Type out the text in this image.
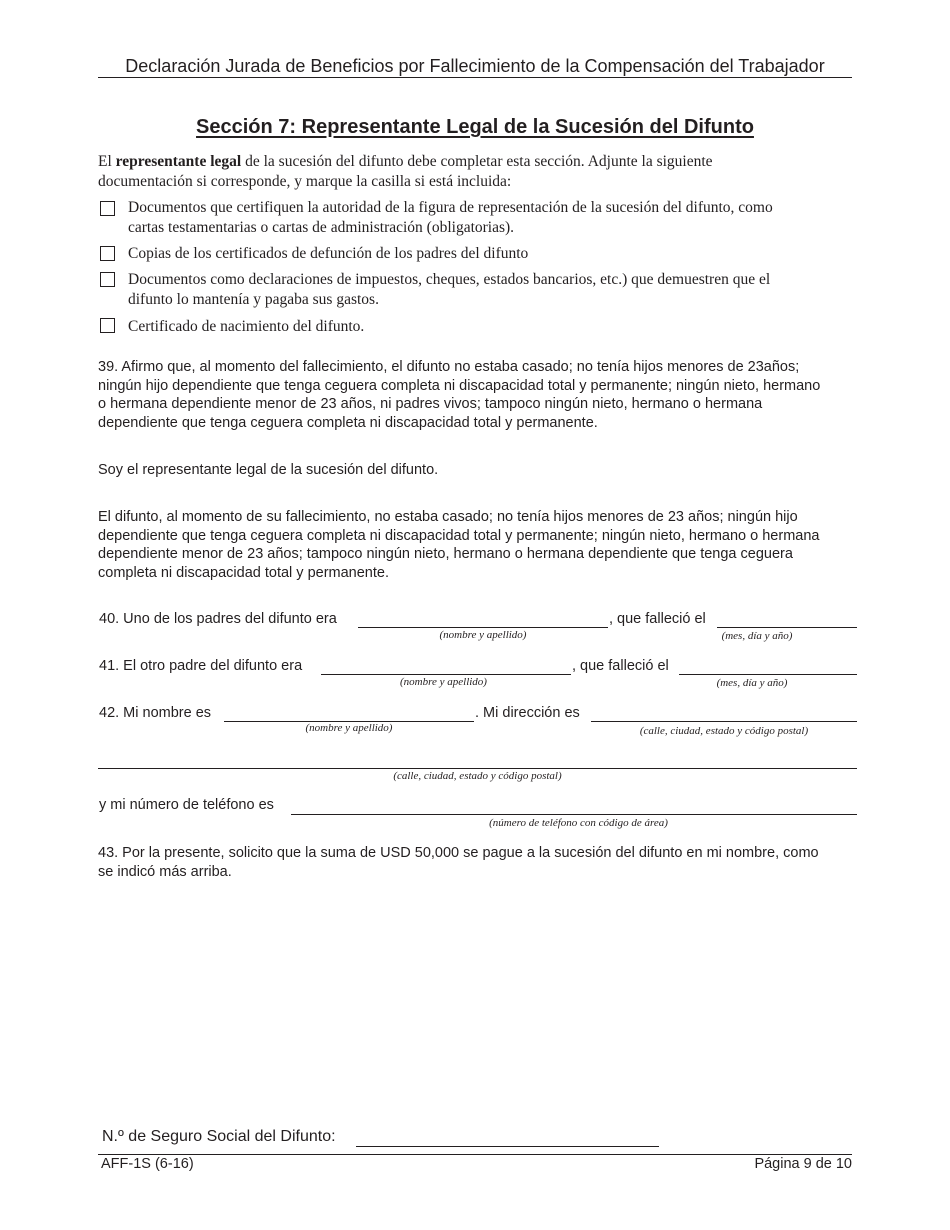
Declaración Jurada de Beneficios por Fallecimiento de la Compensación del Trabajador
Sección 7: Representante Legal de la Sucesión del Difunto
El representante legal de la sucesión del difunto debe completar esta sección. Adjunte la siguiente
documentación si corresponde, y marque la casilla si está incluida:
Documentos que certifiquen la autoridad de la figura de representación de la sucesión del difunto, como
cartas testamentarias o cartas de administración (obligatorias).
Copias de los certificados de defunción de los padres del difunto
Documentos como declaraciones de impuestos, cheques, estados bancarios, etc.) que demuestren que el
difunto lo mantenía y pagaba sus gastos.
Certificado de nacimiento del difunto.
39. Afirmo que, al momento del fallecimiento, el difunto no estaba casado; no tenía hijos menores de 23años;
ningún hijo dependiente que tenga ceguera completa ni discapacidad total y permanente; ningún nieto, hermano
o hermana dependiente menor de 23 años, ni padres vivos; tampoco ningún nieto, hermano o hermana
dependiente que tenga ceguera completa ni discapacidad total y permanente.
Soy el representante legal de la sucesión del difunto.
El difunto, al momento de su fallecimiento, no estaba casado; no tenía hijos menores de 23 años; ningún hijo
dependiente que tenga ceguera completa ni discapacidad total y permanente; ningún nieto, hermano o hermana
dependiente menor de 23 años; tampoco ningún nieto, hermano o hermana dependiente que tenga ceguera
completa ni discapacidad total y permanente.
40. Uno de los padres del difunto era	, que falleció el
(nombre y apellido)	(mes, día y año)
41. El otro padre del difunto era	, que falleció el
(nombre y apellido)	(mes, día y año)
42. Mi nombre es	. Mi dirección es
(nombre y apellido)	(calle, ciudad, estado y código postal)
(calle, ciudad, estado y código postal)
y mi número de teléfono es
(número de teléfono con código de área)
43. Por la presente, solicito que la suma de USD 50,000 se pague a la sucesión del difunto en mi nombre, como
se indicó más arriba.
N.º de Seguro Social del Difunto:
AFF-1S (6-16)	Página 9 de 10
